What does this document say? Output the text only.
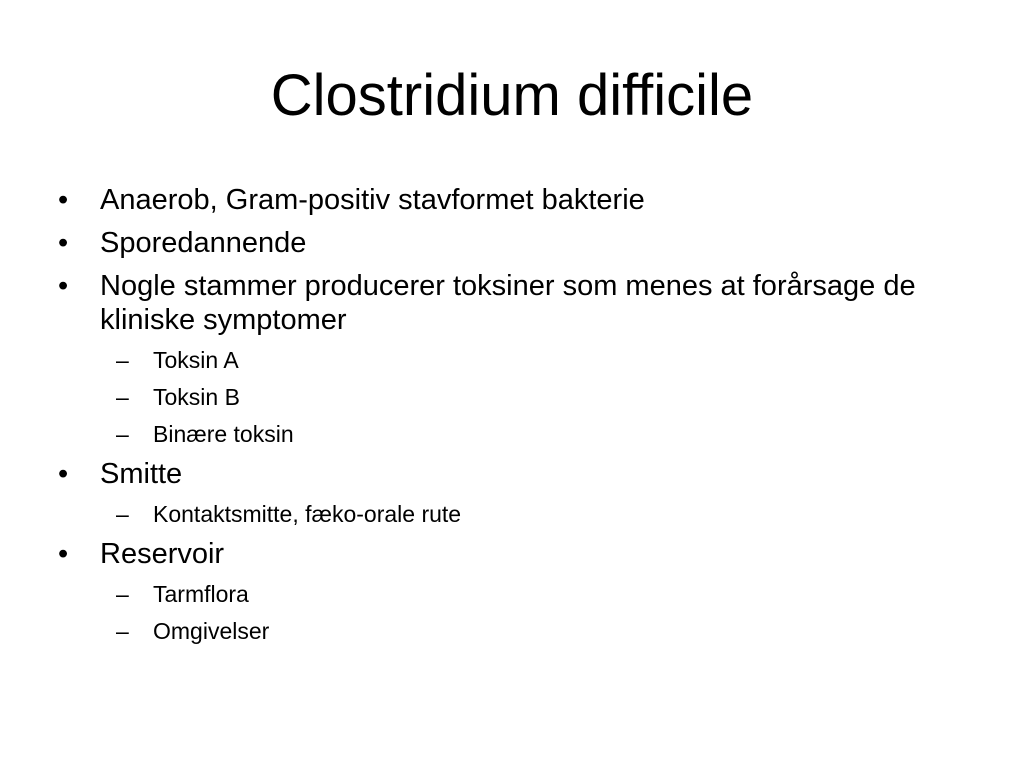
Clostridium difficile
•	Anaerob, Gram-positiv stavformet bakterie
•	Sporedannende
•	Nogle stammer producerer toksiner som menes at forårsage de kliniske symptomer
–	Toksin A
–	Toksin B
–	Binære toksin
•	Smitte
–	Kontaktsmitte, fæko-orale rute
•	Reservoir
–	Tarmflora
–	Omgivelser
